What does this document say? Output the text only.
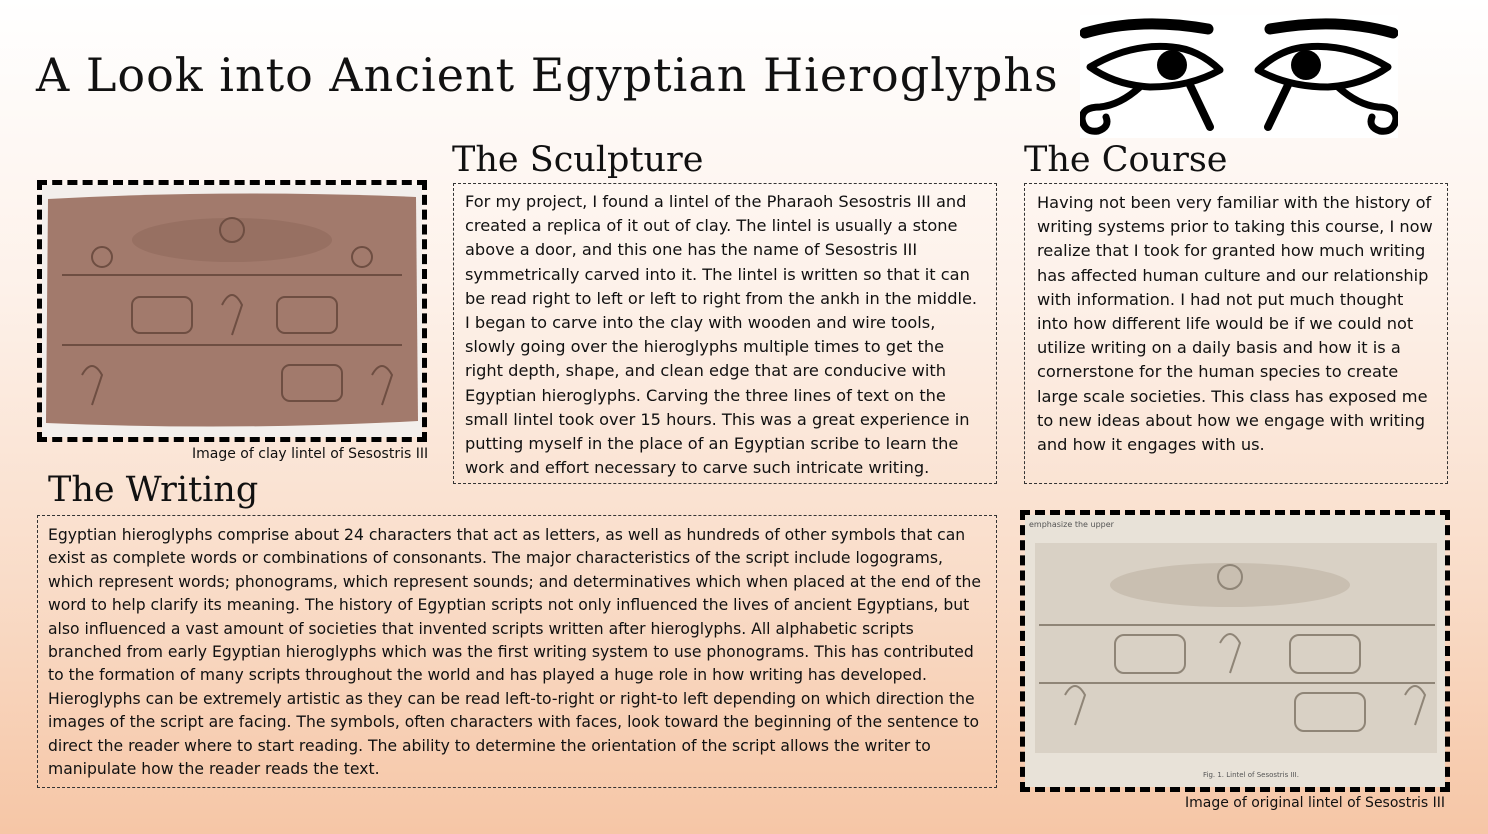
A Look into Ancient Egyptian Hieroglyphs
Image of clay lintel of Sesostris III
The Sculpture

For my project, I found a lintel of the Pharaoh Sesostris III and created a replica of it out of clay. The lintel is usually a stone above a door, and this one has the name of Sesostris III symmetrically carved into it. The lintel is written so that it can be read right to left or left to right from the ankh in the middle. I began to carve into the clay with wooden and wire tools, slowly going over the hieroglyphs multiple times to get the right depth, shape, and clean edge that are conducive with Egyptian hieroglyphs. Carving the three lines of text on the small lintel took over 15 hours. This was a great experience in putting myself in the place of an Egyptian scribe to learn the work and effort necessary to carve such intricate writing.

The Course

Having not been very familiar with the history of writing systems prior to taking this course, I now realize that I took for granted how much writing has affected human culture and our relationship with information. I had not put much thought into how different life would be if we could not utilize writing on a daily basis and how it is a cornerstone for the human species to create large scale societies. This class has exposed me to new ideas about how we engage with writing and how it engages with us.

The Writing

Egyptian hieroglyphs comprise about 24 characters that act as letters, as well as hundreds of other symbols that can exist as complete words or combinations of consonants. The major characteristics of the script include logograms, which represent words; phonograms, which represent sounds; and determinatives which when placed at the end of the word to help clarify its meaning. The history of Egyptian scripts not only influenced the lives of ancient Egyptians, but also influenced a vast amount of societies that invented scripts written after hieroglyphs. All alphabetic scripts branched from early Egyptian hieroglyphs which was the first writing system to use phonograms. This has contributed to the formation of many scripts throughout the world and has played a huge role in how writing has developed. Hieroglyphs can be extremely artistic as they can be read left-to-right or right-to left depending on which direction the images of the script are facing. The symbols, often characters with faces, look toward the beginning of the sentence to direct the reader where to start reading. The ability to determine the orientation of the script allows the writer to manipulate how the reader reads the text.

emphasize the upper
Fig. 1. Lintel of Sesostris III.
Image of original lintel of Sesostris III
